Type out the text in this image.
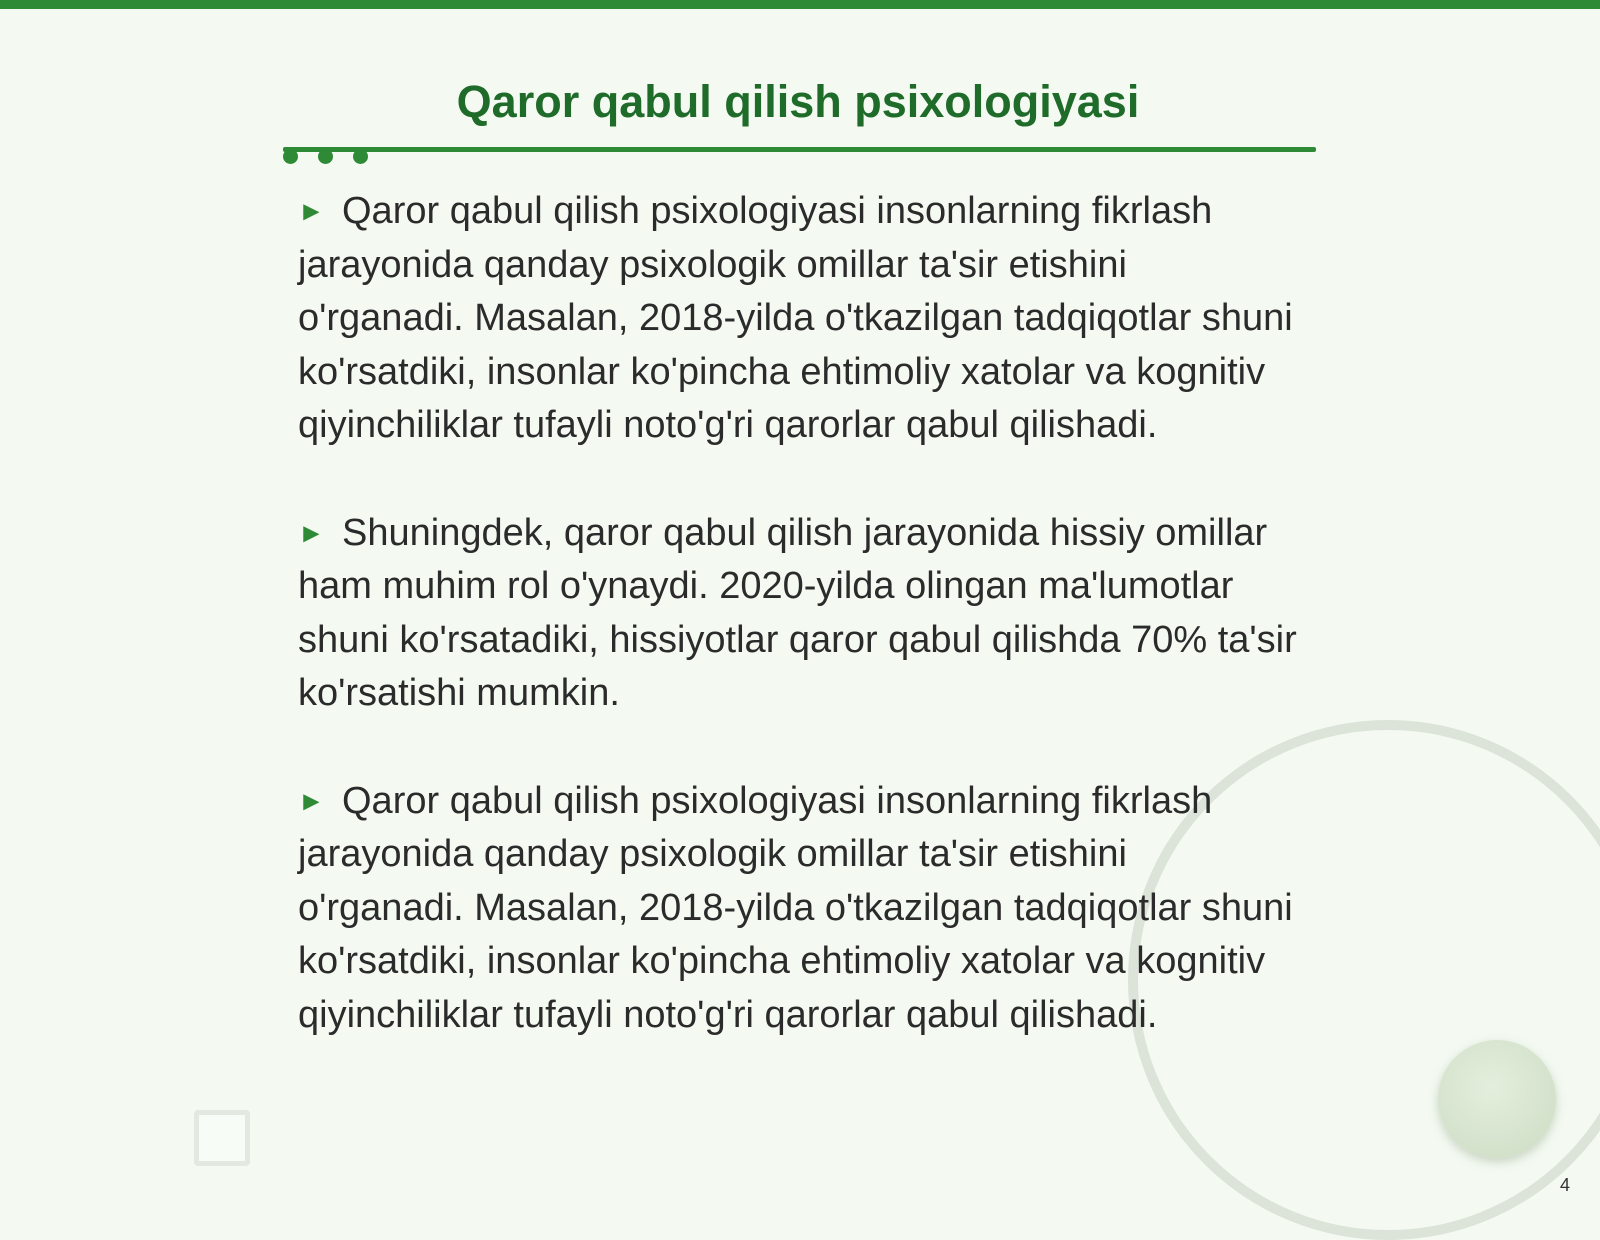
Qaror qabul qilish psixologiyasi

► Qaror qabul qilish psixologiyasi insonlarning fikrlash jarayonida qanday psixologik omillar ta'sir etishini o'rganadi. Masalan, 2018-yilda o'tkazilgan tadqiqotlar shuni ko'rsatdiki, insonlar ko'pincha ehtimoliy xatolar va kognitiv qiyinchiliklar tufayli noto'g'ri qarorlar qabul qilishadi.

► Shuningdek, qaror qabul qilish jarayonida hissiy omillar ham muhim rol o'ynaydi. 2020-yilda olingan ma'lumotlar shuni ko'rsatadiki, hissiyotlar qaror qabul qilishda 70% ta'sir ko'rsatishi mumkin.

► Qaror qabul qilish psixologiyasi insonlarning fikrlash jarayonida qanday psixologik omillar ta'sir etishini o'rganadi. Masalan, 2018-yilda o'tkazilgan tadqiqotlar shuni ko'rsatdiki, insonlar ko'pincha ehtimoliy xatolar va kognitiv qiyinchiliklar tufayli noto'g'ri qarorlar qabul qilishadi.

4
